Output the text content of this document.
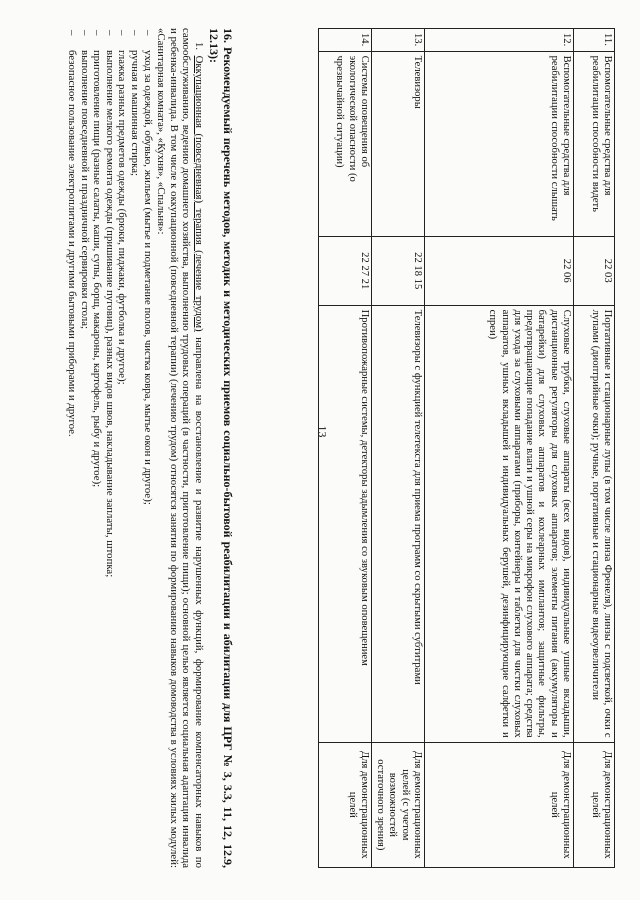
13
11.	Вспомогательные средства для реабилитации способности видеть	22 03	Портативные и стационарные лупы (в том числе линза Френеля), линзы с подсветкой, очки с лупами (диоптрийные очки); ручные, портативные и стационарные видеоувеличители	Для демонстрационных целей
12.	Вспомогательные средства для реабилитации способности слышать	22 06	Слуховые трубки, слуховые аппараты (всех видов), индивидуальные ушные вкладыши, дистанционные регуляторы для слуховых аппаратов; элементы питания (аккумуляторы и батарейки) для слуховых аппаратов и кохлеарных имплантов; защитные фильтры, предотвращающие попадание влаги и ушной серы на микрофон слухового аппарата; средства для ухода за слуховыми аппаратами (приборы, контейнеры и таблетки для чистки слуховых аппаратов, ушных вкладышей и индивидуальных берушей, дезинфицирующие салфетки и спреи)	Для демонстрационных целей
13.	Телевизоры	22 18 15	Телевизоры с функцией телетекста для приема программ со скрытыми субтитрами	Для демонстрационных целей (с учетом возможностей остаточного зрения)
14.	Системы оповещения об экологической опасности (о чрезвычайной ситуации)	22 27 21	Противопожарные системы, детекторы задымления со звуковым оповещением	Для демонстрационных целей
16. Рекомендуемый перечень методов, методик и методических приемов социально-бытовой реабилитации и абилитации для ЦРГ № 3, 3.3, 11, 12, 12.9, 12.13):
1. Оккупационная (повседневная) терапия (лечение трудом) направлена на восстановление и развитие нарушенных функций, формирование компенсаторных навыков по самообслуживанию, ведению домашнего хозяйства, выполнению трудовых операций (в частности, приготовление пищи); основной целью является социальная адаптация инвалида и ребенка-инвалида. В том числе к оккупационной (повседневной терапии) (лечению трудом) относятся занятия по формированию навыков домоводства в условиях жилых модулей: «Санитарная комната», «Кухня», «Спальня»:
–
уход за одеждой, обувью, жильем (мытье и подметание полов, чистка ковра, мытье окон и другое);
–
ручная и машинная стирка;
–
глажка разных предметов одежды (брюки, пиджаки, футболка и другое);
–
выполнение мелкого ремонта одежды (пришивание пуговиц), разных видов швов, накладывание заплаты, штопка;
–
приготовление пищи (разные салаты, каши, супы, борщ, макароны, картофель, рыбу и другое);
–
выполнение повседневной и праздничной сервировки стола;
–
безопасное пользование электроплитами и другими бытовыми приборами и другое.
